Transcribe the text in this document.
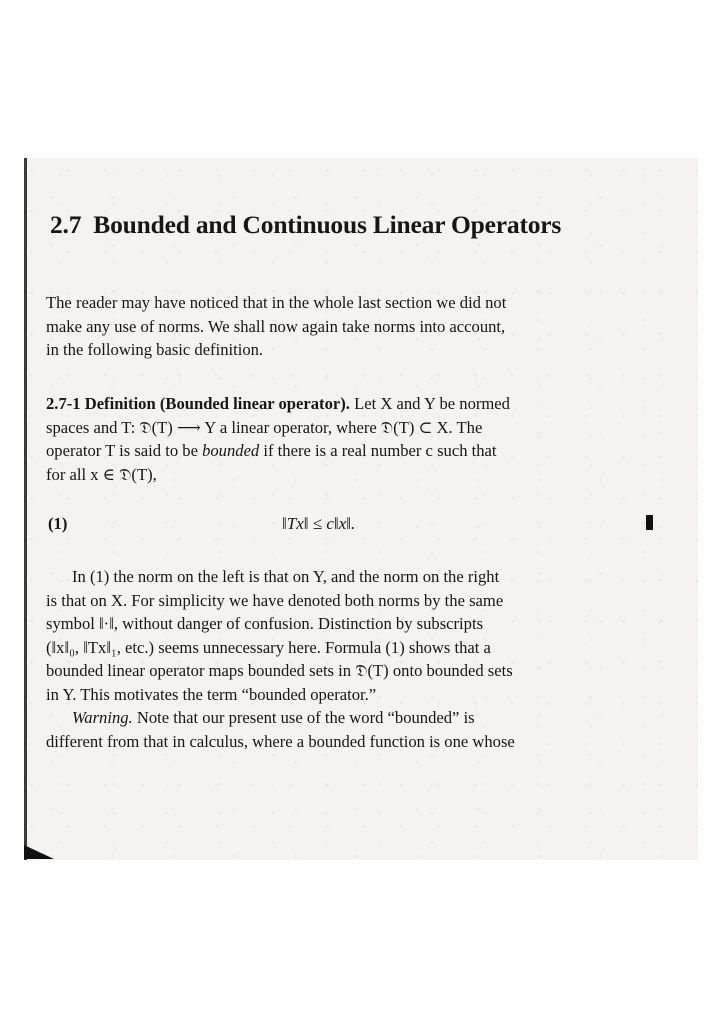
2.7 Bounded and Continuous Linear Operators
The reader may have noticed that in the whole last section we did not
make any use of norms. We shall now again take norms into account,
in the following basic definition.
2.7-1 Definition (Bounded linear operator). Let X and Y be normed
spaces and T: 𝔇(T) ⟶ Y a linear operator, where 𝔇(T) ⊂ X. The
operator T is said to be bounded if there is a real number c such that
for all x ∈ 𝔇(T),
(1)	‖Tx‖ ≤ c‖x‖.
In (1) the norm on the left is that on Y, and the norm on the right
is that on X. For simplicity we have denoted both norms by the same
symbol ‖·‖, without danger of confusion. Distinction by subscripts
(‖x‖₀, ‖Tx‖₁, etc.) seems unnecessary here. Formula (1) shows that a
bounded linear operator maps bounded sets in 𝔇(T) onto bounded sets
in Y. This motivates the term “bounded operator.”
Warning. Note that our present use of the word “bounded” is
different from that in calculus, where a bounded function is one whose
